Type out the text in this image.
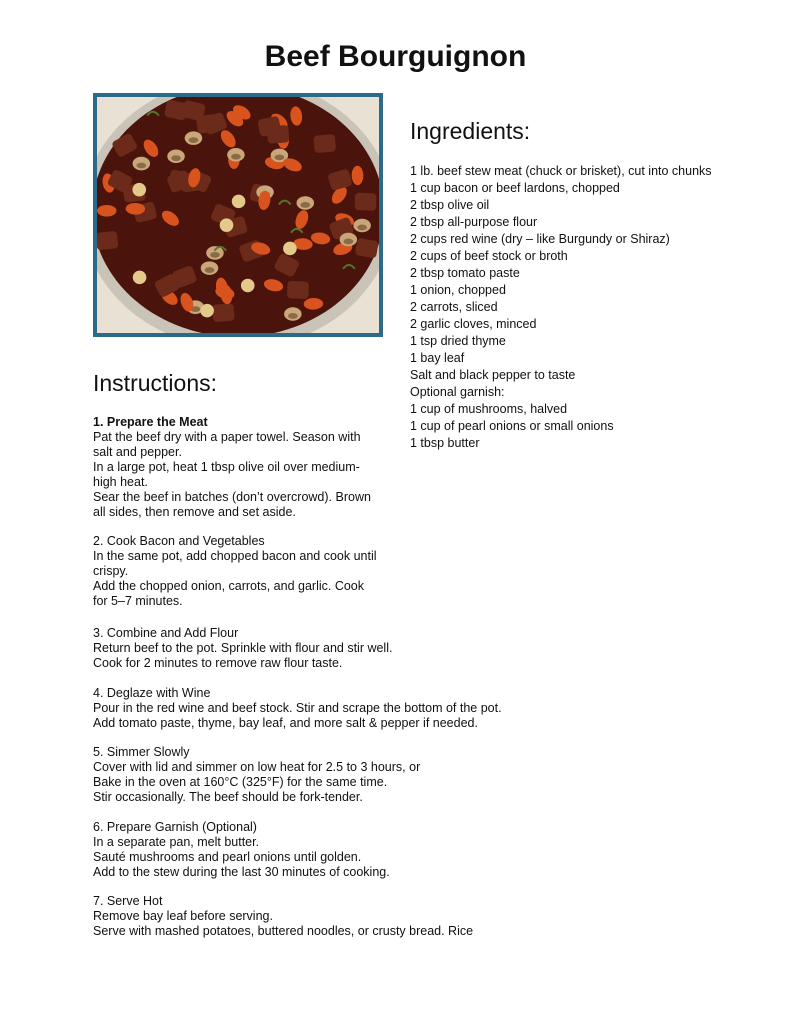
Beef Bourguignon
Ingredients:
1 lb. beef stew meat (chuck or brisket), cut into chunks
1 cup bacon or beef lardons, chopped
2 tbsp olive oil
2 tbsp all-purpose flour
2 cups red wine (dry – like Burgundy or Shiraz)
2 cups of beef stock or broth
2 tbsp tomato paste
1 onion, chopped
2 carrots, sliced
2 garlic cloves, minced
1 tsp dried thyme
1 bay leaf
Salt and black pepper to taste
Optional garnish:
1 cup of mushrooms, halved
1 cup of pearl onions or small onions
1 tbsp butter
Instructions:
1. Prepare the Meat
Pat the beef dry with a paper towel. Season with
salt and pepper.
In a large pot, heat 1 tbsp olive oil over medium-
high heat.
Sear the beef in batches (don’t overcrowd). Brown
all sides, then remove and set aside.
2. Cook Bacon and Vegetables
In the same pot, add chopped bacon and cook until
crispy.
Add the chopped onion, carrots, and garlic. Cook
for 5–7 minutes.
3. Combine and Add Flour
Return beef to the pot. Sprinkle with flour and stir well.
Cook for 2 minutes to remove raw flour taste.
4. Deglaze with Wine
Pour in the red wine and beef stock. Stir and scrape the bottom of the pot.
Add tomato paste, thyme, bay leaf, and more salt & pepper if needed.
5. Simmer Slowly
Cover with lid and simmer on low heat for 2.5 to 3 hours, or
Bake in the oven at 160°C (325°F) for the same time.
Stir occasionally. The beef should be fork-tender.
6. Prepare Garnish (Optional)
In a separate pan, melt butter.
Sauté mushrooms and pearl onions until golden.
Add to the stew during the last 30 minutes of cooking.
7. Serve Hot
Remove bay leaf before serving.
Serve with mashed potatoes, buttered noodles, or crusty bread. Rice
